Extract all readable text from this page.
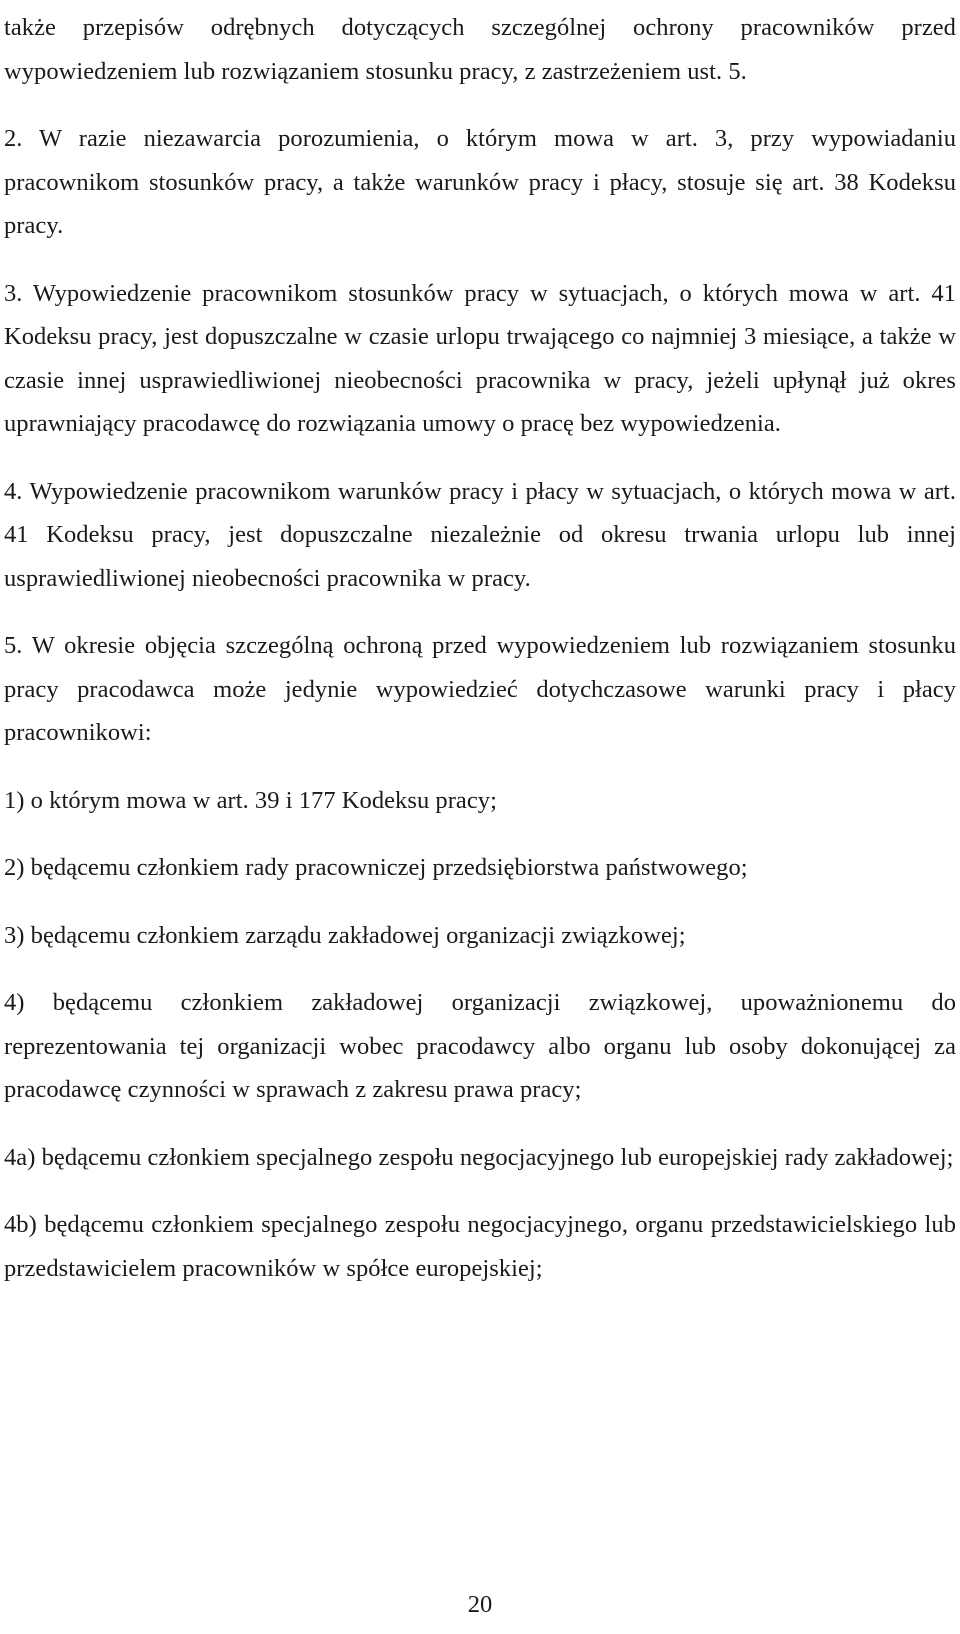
także przepisów odrębnych dotyczących szczególnej ochrony pracowników przed wypowiedzeniem lub rozwiązaniem stosunku pracy, z zastrzeżeniem ust. 5.

2. W razie niezawarcia porozumienia, o którym mowa w art. 3, przy wypowiadaniu pracownikom stosunków pracy, a także warunków pracy i płacy, stosuje się art. 38 Kodeksu pracy.

3. Wypowiedzenie pracownikom stosunków pracy w sytuacjach, o których mowa w art. 41 Kodeksu pracy, jest dopuszczalne w czasie urlopu trwającego co najmniej 3 miesiące, a także w czasie innej usprawiedliwionej nieobecności pracownika w pracy, jeżeli upłynął już okres uprawniający pracodawcę do rozwiązania umowy o pracę bez wypowiedzenia.

4. Wypowiedzenie pracownikom warunków pracy i płacy w sytuacjach, o których mowa w art. 41 Kodeksu pracy, jest dopuszczalne niezależnie od okresu trwania urlopu lub innej usprawiedliwionej nieobecności pracownika w pracy.

5. W okresie objęcia szczególną ochroną przed wypowiedzeniem lub rozwiązaniem stosunku pracy pracodawca może jedynie wypowiedzieć dotychczasowe warunki pracy i płacy pracownikowi:

1) o którym mowa w art. 39 i 177 Kodeksu pracy;

2) będącemu członkiem rady pracowniczej przedsiębiorstwa państwowego;

3) będącemu członkiem zarządu zakładowej organizacji związkowej;

4) będącemu członkiem zakładowej organizacji związkowej, upoważnionemu do reprezentowania tej organizacji wobec pracodawcy albo organu lub osoby dokonującej za pracodawcę czynności w sprawach z zakresu prawa pracy;

4a) będącemu członkiem specjalnego zespołu negocjacyjnego lub europejskiej rady zakładowej;

4b) będącemu członkiem specjalnego zespołu negocjacyjnego, organu przedstawicielskiego lub przedstawicielem pracowników w spółce europejskiej;

20
